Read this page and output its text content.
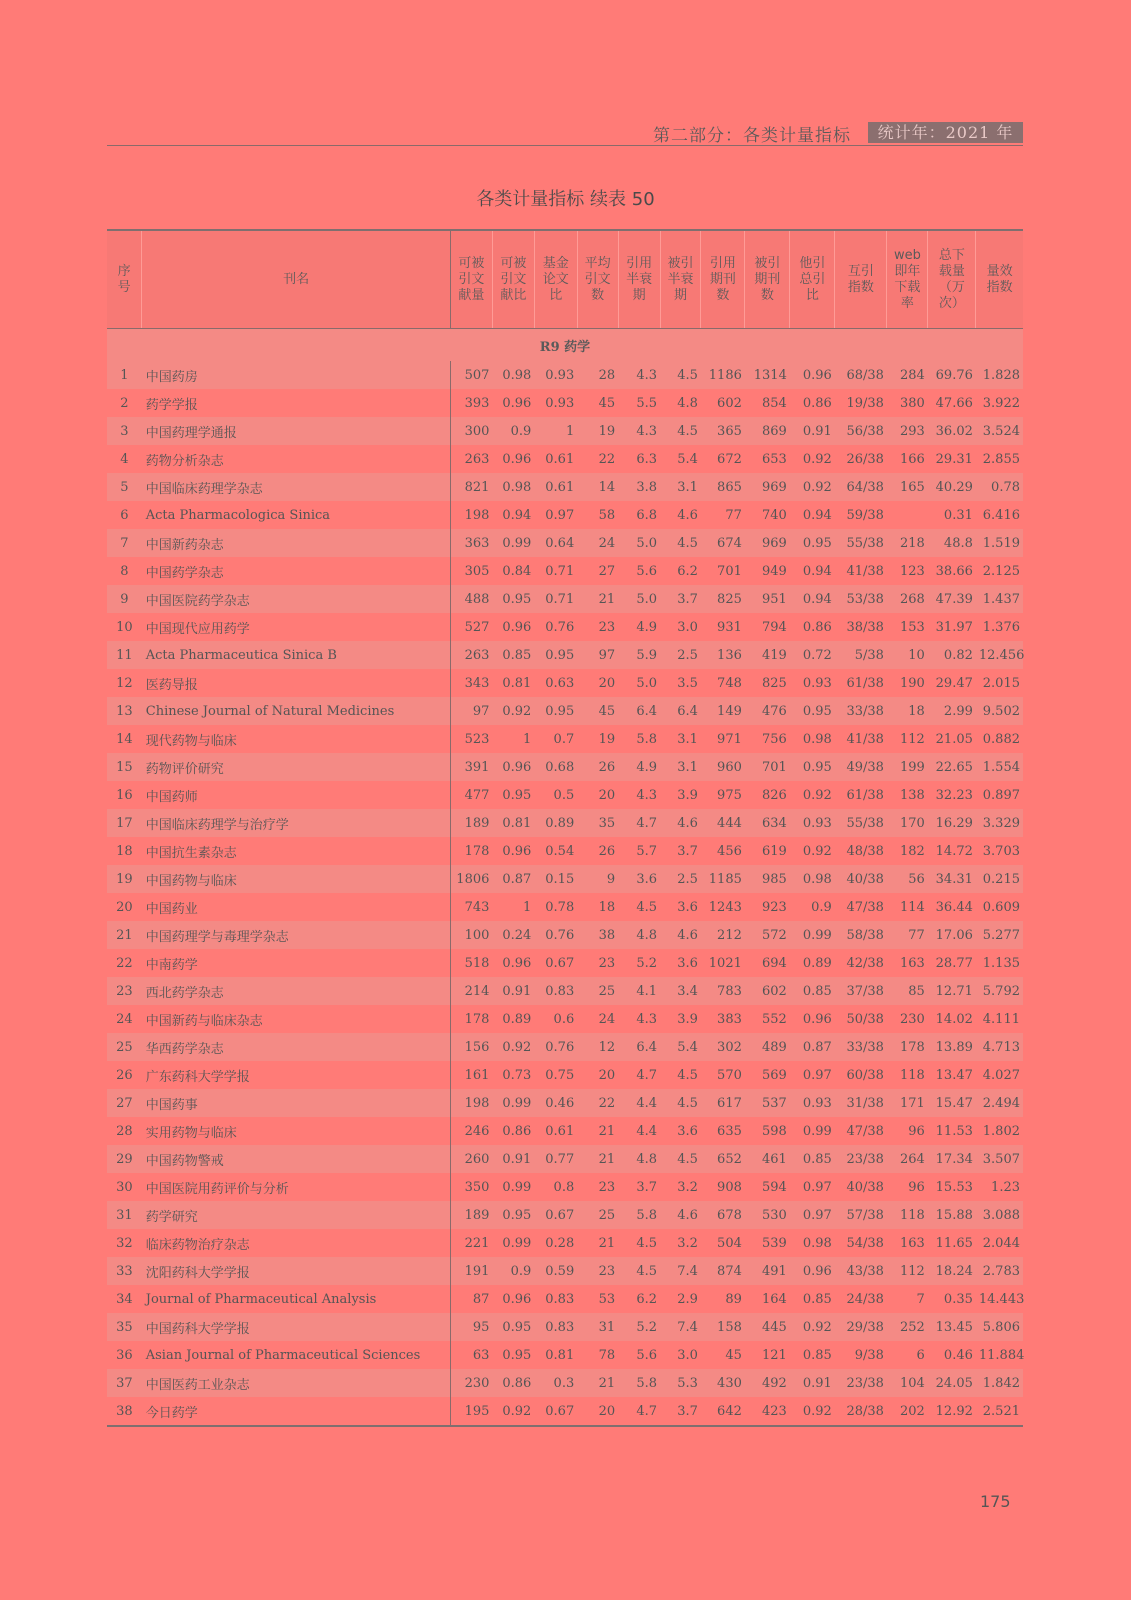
第二部分：各类计量指标	统计年：2021 年
各类计量指标 续表 50
序
号	刊名	可被
引文
献量	可被
引文
献比	基金
论文
比	平均
引文
数	引用
半衰
期	被引
半衰
期	引用
期刊
数	被引
期刊
数	他引
总引
比	互引
指数	web
即年
下载
率	总下
载量
（万次）	量效
指数

R9 药学														
1	中国药房	507	0.98	0.93	28	4.3	4.5	1186	1314	0.96	68/38	284	69.76	1.828
2	药学学报	393	0.96	0.93	45	5.5	4.8	602	854	0.86	19/38	380	47.66	3.922
3	中国药理学通报	300	0.9	1	19	4.3	4.5	365	869	0.91	56/38	293	36.02	3.524
4	药物分析杂志	263	0.96	0.61	22	6.3	5.4	672	653	0.92	26/38	166	29.31	2.855
5	中国临床药理学杂志	821	0.98	0.61	14	3.8	3.1	865	969	0.92	64/38	165	40.29	0.78
6	Acta Pharmacologica Sinica	198	0.94	0.97	58	6.8	4.6	77	740	0.94	59/38		0.31	6.416
7	中国新药杂志	363	0.99	0.64	24	5.0	4.5	674	969	0.95	55/38	218	48.8	1.519
8	中国药学杂志	305	0.84	0.71	27	5.6	6.2	701	949	0.94	41/38	123	38.66	2.125
9	中国医院药学杂志	488	0.95	0.71	21	5.0	3.7	825	951	0.94	53/38	268	47.39	1.437
10	中国现代应用药学	527	0.96	0.76	23	4.9	3.0	931	794	0.86	38/38	153	31.97	1.376
11	Acta Pharmaceutica Sinica B	263	0.85	0.95	97	5.9	2.5	136	419	0.72	5/38	10	0.82	12.456
12	医药导报	343	0.81	0.63	20	5.0	3.5	748	825	0.93	61/38	190	29.47	2.015
13	Chinese Journal of Natural Medicines	97	0.92	0.95	45	6.4	6.4	149	476	0.95	33/38	18	2.99	9.502
14	现代药物与临床	523	1	0.7	19	5.8	3.1	971	756	0.98	41/38	112	21.05	0.882
15	药物评价研究	391	0.96	0.68	26	4.9	3.1	960	701	0.95	49/38	199	22.65	1.554
16	中国药师	477	0.95	0.5	20	4.3	3.9	975	826	0.92	61/38	138	32.23	0.897
17	中国临床药理学与治疗学	189	0.81	0.89	35	4.7	4.6	444	634	0.93	55/38	170	16.29	3.329
18	中国抗生素杂志	178	0.96	0.54	26	5.7	3.7	456	619	0.92	48/38	182	14.72	3.703
19	中国药物与临床	1806	0.87	0.15	9	3.6	2.5	1185	985	0.98	40/38	56	34.31	0.215
20	中国药业	743	1	0.78	18	4.5	3.6	1243	923	0.9	47/38	114	36.44	0.609
21	中国药理学与毒理学杂志	100	0.24	0.76	38	4.8	4.6	212	572	0.99	58/38	77	17.06	5.277
22	中南药学	518	0.96	0.67	23	5.2	3.6	1021	694	0.89	42/38	163	28.77	1.135
23	西北药学杂志	214	0.91	0.83	25	4.1	3.4	783	602	0.85	37/38	85	12.71	5.792
24	中国新药与临床杂志	178	0.89	0.6	24	4.3	3.9	383	552	0.96	50/38	230	14.02	4.111
25	华西药学杂志	156	0.92	0.76	12	6.4	5.4	302	489	0.87	33/38	178	13.89	4.713
26	广东药科大学学报	161	0.73	0.75	20	4.7	4.5	570	569	0.97	60/38	118	13.47	4.027
27	中国药事	198	0.99	0.46	22	4.4	4.5	617	537	0.93	31/38	171	15.47	2.494
28	实用药物与临床	246	0.86	0.61	21	4.4	3.6	635	598	0.99	47/38	96	11.53	1.802
29	中国药物警戒	260	0.91	0.77	21	4.8	4.5	652	461	0.85	23/38	264	17.34	3.507
30	中国医院用药评价与分析	350	0.99	0.8	23	3.7	3.2	908	594	0.97	40/38	96	15.53	1.23
31	药学研究	189	0.95	0.67	25	5.8	4.6	678	530	0.97	57/38	118	15.88	3.088
32	临床药物治疗杂志	221	0.99	0.28	21	4.5	3.2	504	539	0.98	54/38	163	11.65	2.044
33	沈阳药科大学学报	191	0.9	0.59	23	4.5	7.4	874	491	0.96	43/38	112	18.24	2.783
34	Journal of Pharmaceutical Analysis	87	0.96	0.83	53	6.2	2.9	89	164	0.85	24/38	7	0.35	14.443
35	中国药科大学学报	95	0.95	0.83	31	5.2	7.4	158	445	0.92	29/38	252	13.45	5.806
36	Asian Journal of Pharmaceutical Sciences	63	0.95	0.81	78	5.6	3.0	45	121	0.85	9/38	6	0.46	11.884
37	中国医药工业杂志	230	0.86	0.3	21	5.8	5.3	430	492	0.91	23/38	104	24.05	1.842
38	今日药学	195	0.92	0.67	20	4.7	3.7	642	423	0.92	28/38	202	12.92	2.521
175
